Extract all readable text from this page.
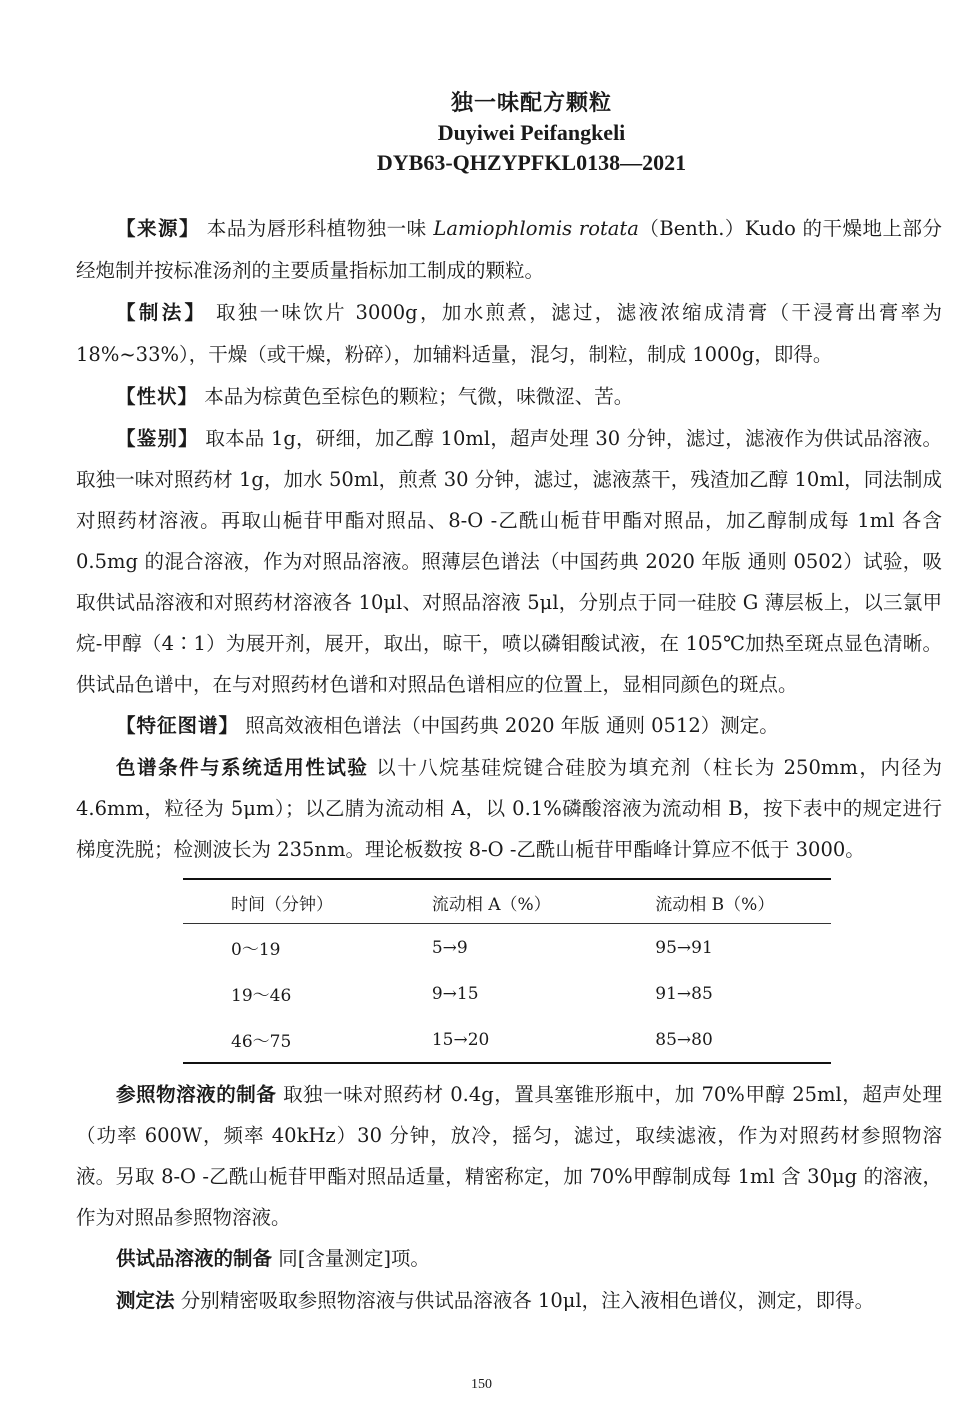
独一味配方颗粒
Duyiwei Peifangkeli
DYB63-QHZYPFKL0138—2021

【来源】 本品为唇形科植物独一味 Lamiophlomis rotata（Benth.）Kudo 的干燥地上部分经炮制并按标准汤剂的主要质量指标加工制成的颗粒。

【制法】 取独一味饮片 3000g，加水煎煮，滤过，滤液浓缩成清膏（干浸膏出膏率为 18%~33%），干燥（或干燥，粉碎），加辅料适量，混匀，制粒，制成 1000g，即得。

【性状】 本品为棕黄色至棕色的颗粒；气微，味微涩、苦。

【鉴别】 取本品 1g，研细，加乙醇 10ml，超声处理 30 分钟，滤过，滤液作为供试品溶液。取独一味对照药材 1g，加水 50ml，煎煮 30 分钟，滤过，滤液蒸干，残渣加乙醇 10ml，同法制成对照药材溶液。再取山梔苷甲酯对照品、8-O -乙酰山栀苷甲酯对照品，加乙醇制成每 1ml 各含 0.5mg 的混合溶液，作为对照品溶液。照薄层色谱法（中国药典 2020 年版 通则 0502）试验，吸取供试品溶液和对照药材溶液各 10μl、对照品溶液 5μl，分别点于同一硅胶 G 薄层板上，以三氯甲烷-甲醇（4∶1）为展开剂，展开，取出，晾干，喷以磷钼酸试液，在 105℃加热至斑点显色清晰。供试品色谱中，在与对照药材色谱和对照品色谱相应的位置上，显相同颜色的斑点。

【特征图谱】 照高效液相色谱法（中国药典 2020 年版 通则 0512）测定。

色谱条件与系统适用性试验 以十八烷基硅烷键合硅胶为填充剂（柱长为 250mm，内径为 4.6mm，粒径为 5μm）；以乙腈为流动相 A，以 0.1%磷酸溶液为流动相 B，按下表中的规定进行梯度洗脱；检测波长为 235nm。理论板数按 8-O -乙酰山栀苷甲酯峰计算应不低于 3000。

时间（分钟）	流动相 A（%）	流动相 B（%）
0～19	5→9	95→91
19～46	9→15	91→85
46～75	15→20	85→80

参照物溶液的制备 取独一味对照药材 0.4g，置具塞锥形瓶中，加 70%甲醇 25ml，超声处理（功率 600W，频率 40kHz）30 分钟，放冷，摇匀，滤过，取续滤液，作为对照药材参照物溶液。另取 8-O -乙酰山栀苷甲酯对照品适量，精密称定，加 70%甲醇制成每 1ml 含 30μg 的溶液，作为对照品参照物溶液。

供试品溶液的制备 同[含量测定]项。

测定法 分别精密吸取参照物溶液与供试品溶液各 10μl，注入液相色谱仪，测定，即得。

150
